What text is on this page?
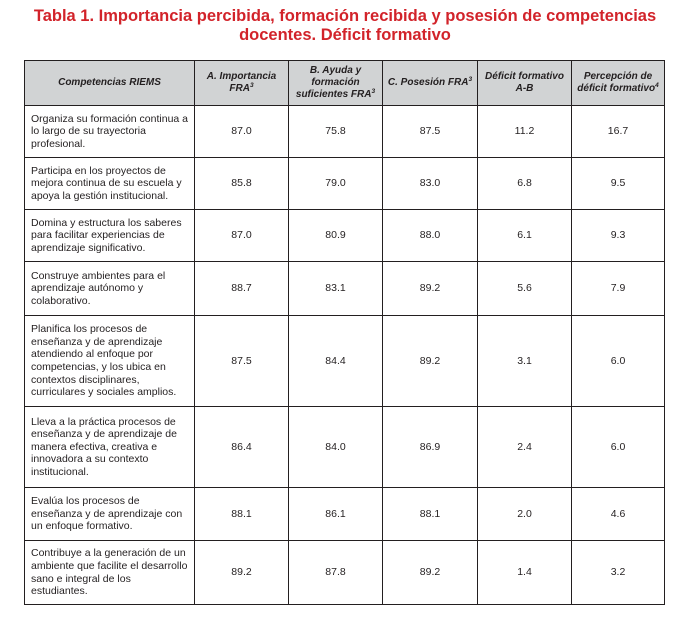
Tabla 1. Importancia percibida, formación recibida y posesión de competencias
docentes. Déficit formativo
Competencias RIEMS	A. Importancia FRA$^3$	B. Ayuda y formación suficientes FRA$^3$	C. Posesión FRA$^3$	Déficit formativo A-B	Percepción de déficit formativo$^4$
Organiza su formación continua a lo largo de su trayectoria profesional.	87.0	75.8	87.5	11.2	16.7
Participa en los proyectos de mejora continua de su escuela y apoya la gestión institucional.	85.8	79.0	83.0	6.8	9.5
Domina y estructura los saberes para facilitar experiencias de aprendizaje significativo.	87.0	80.9	88.0	6.1	9.3
Construye ambientes para el aprendizaje autónomo y colaborativo.	88.7	83.1	89.2	5.6	7.9
Planifica los procesos de enseñanza y de aprendizaje atendiendo al enfoque por competencias, y los ubica en contextos disciplinares, curriculares y sociales amplios.	87.5	84.4	89.2	3.1	6.0
Lleva a la práctica procesos de enseñanza y de aprendizaje de manera efectiva, creativa e innovadora a su contexto institucional.	86.4	84.0	86.9	2.4	6.0
Evalúa los procesos de enseñanza y de aprendizaje con un enfoque formativo.	88.1	86.1	88.1	2.0	4.6
Contribuye a la generación de un ambiente que facilite el desarrollo sano e integral de los estudiantes.	89.2	87.8	89.2	1.4	3.2
